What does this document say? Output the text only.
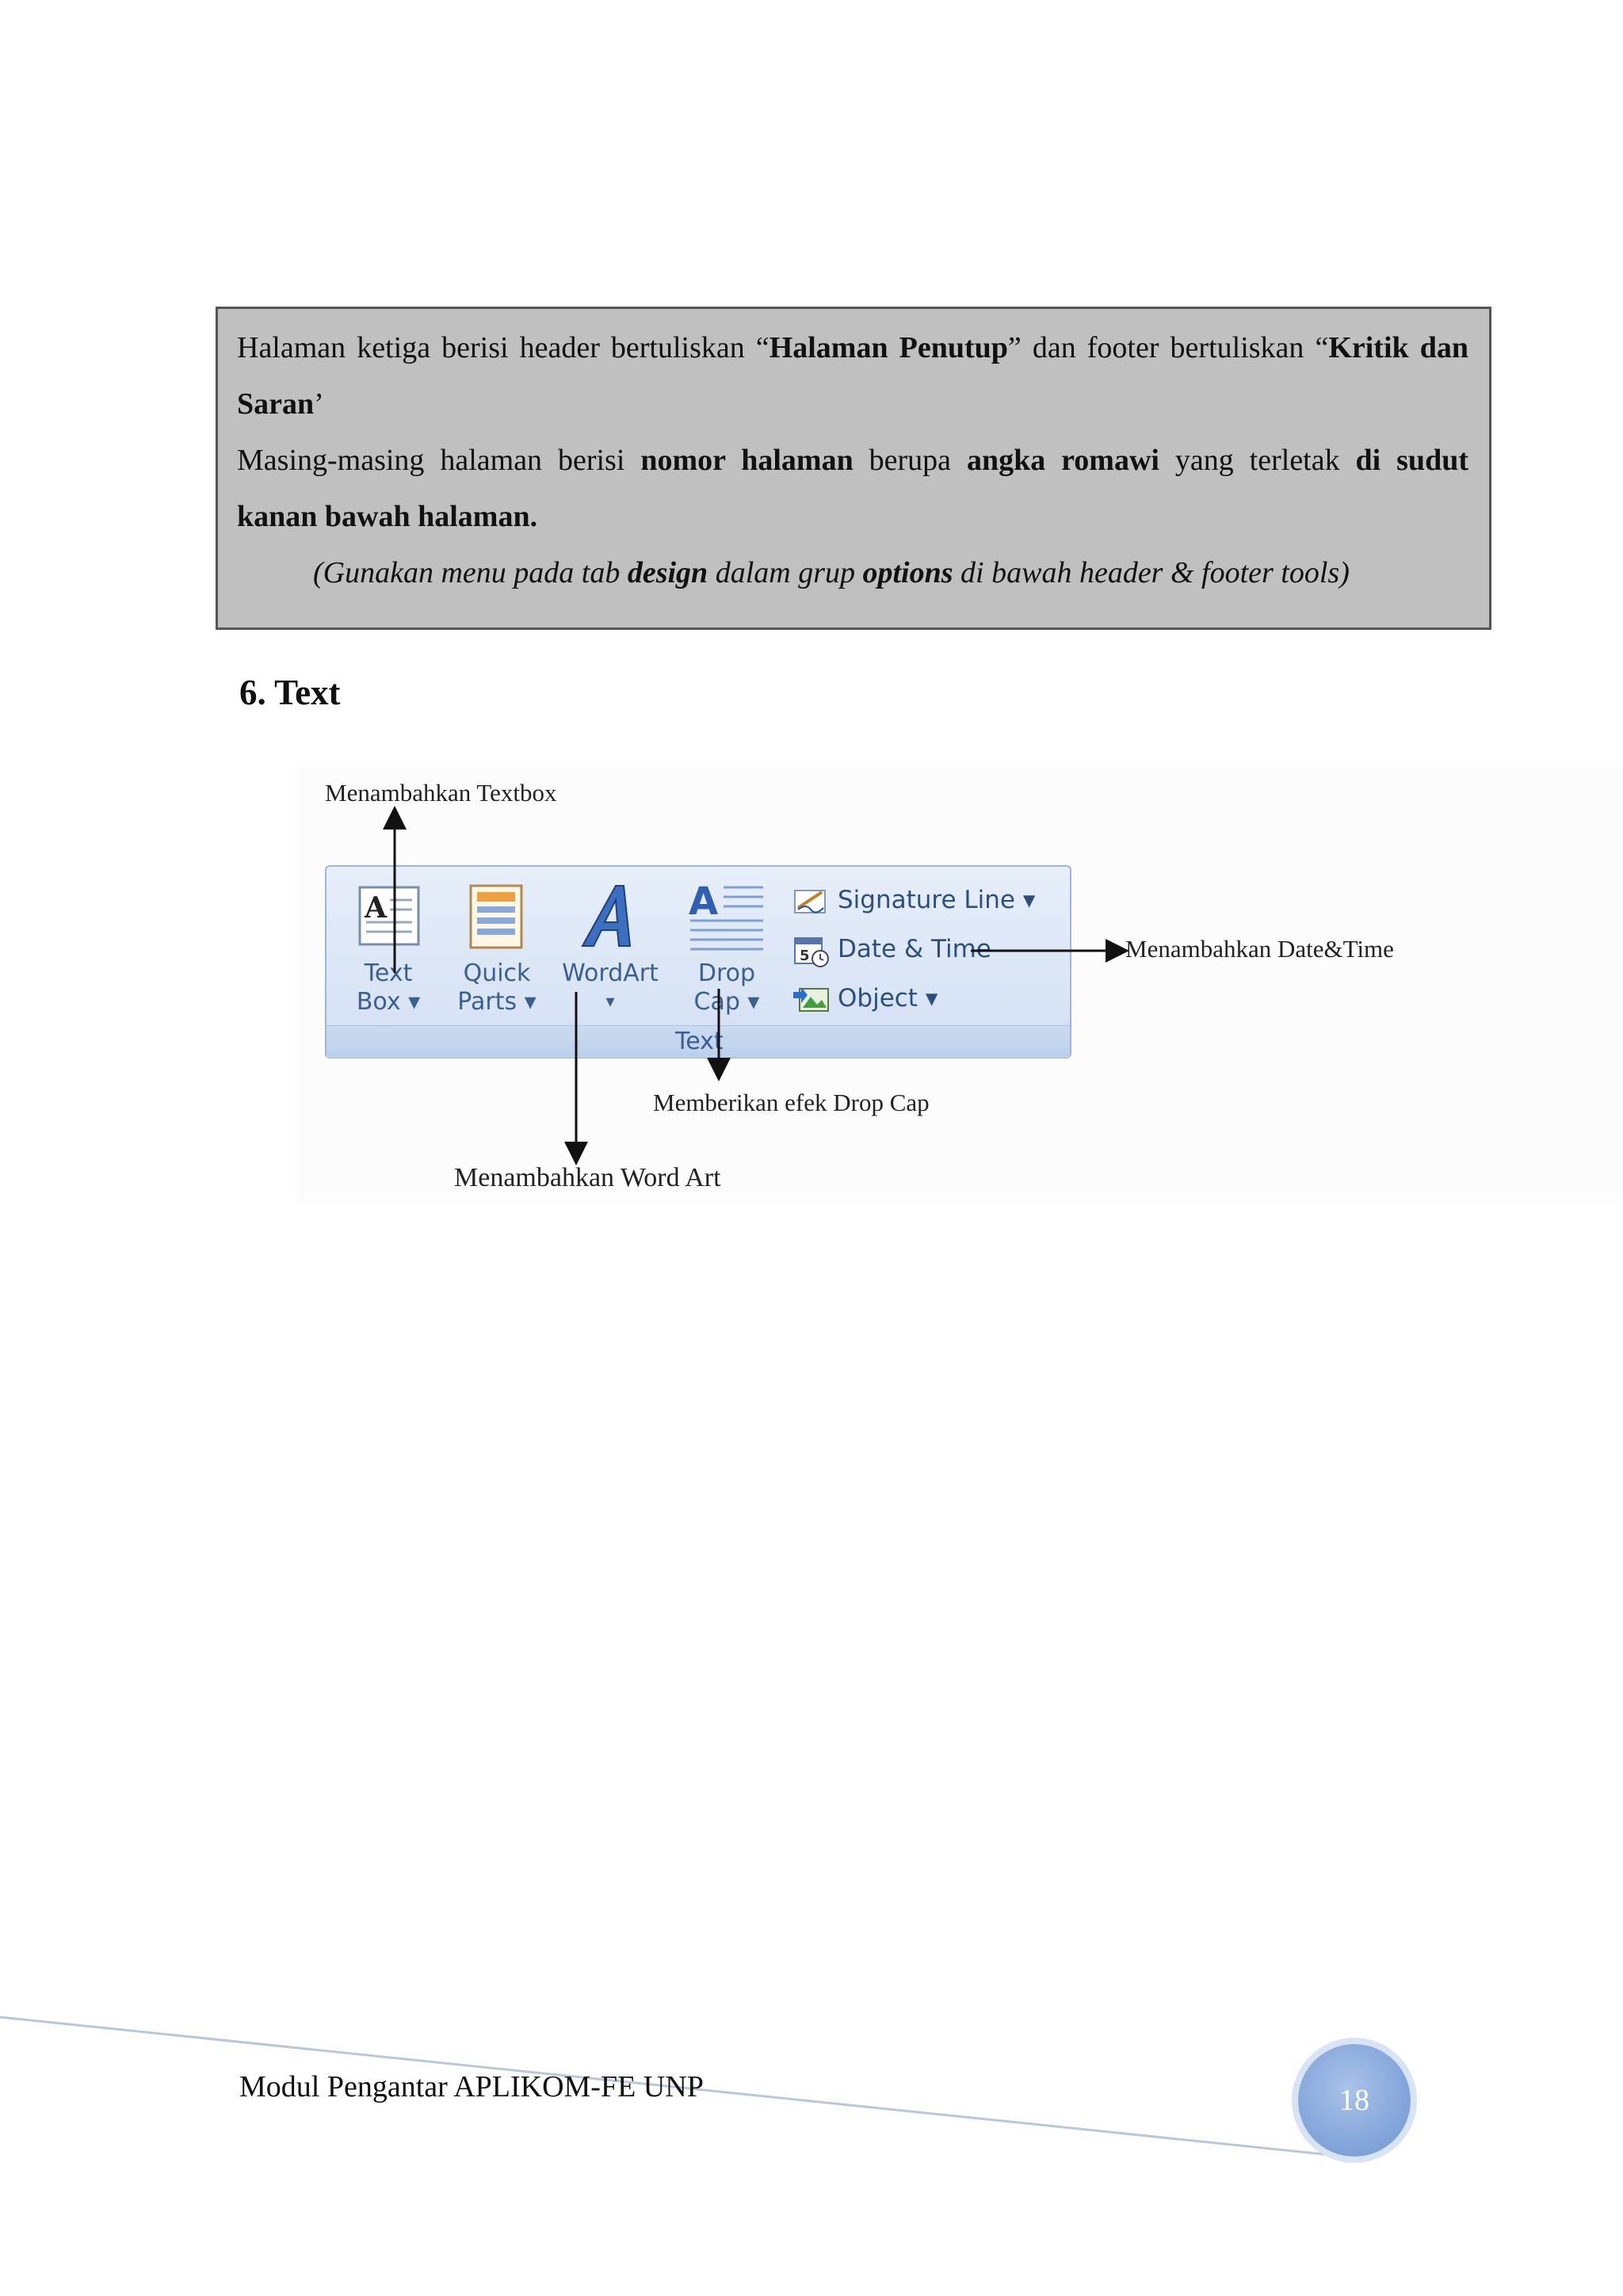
Halaman ketiga berisi header bertuliskan “Halaman Penutup” dan footer bertuliskan “Kritik dan

Saran’

Masing-masing halaman berisi nomor halaman berupa angka romawi yang terletak di sudut

kanan bawah halaman.

(Gunakan menu pada tab design dalam grup options di bawah header & footer tools)

6. Text
Text
A
Text
Box ▾
Quick
Parts ▾
WordArt
▾
A
Drop
Cap ▾
Signature Line ▾
5 Date & Time
Object ▾
Menambahkan Textbox
Menambahkan Date&Time
Memberikan efek Drop Cap
Menambahkan Word Art
Modul Pengantar APLIKOM-FE UNP	18
